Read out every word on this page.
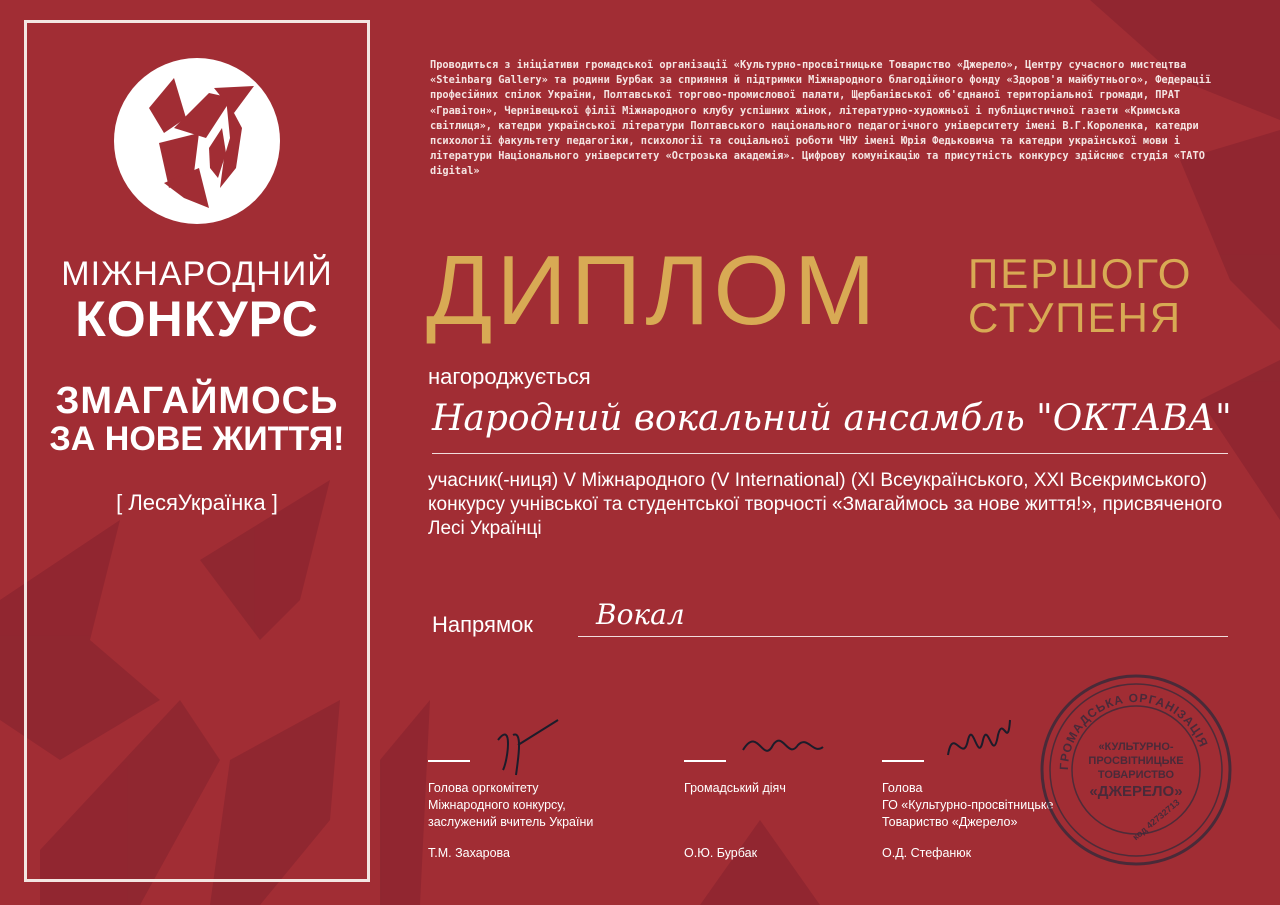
МІЖНАРОДНИЙ
КОНКУРС
ЗМАГАЙМОСЬ
ЗА НОВЕ ЖИТТЯ!
[ ЛесяУкраїнка ]

Проводиться з ініціативи громадської організації «Культурно-просвітницьке Товариство «Джерело», Центру сучасного мистецтва «Steinbarg Gallery» та родини Бурбак за сприяння й підтримки Міжнародного благодійного фонду «Здоров'я майбутнього», Федерації професійних спілок України, Полтавської торгово-промислової палати, Щербанівської об'єднаної територіальної громади, ПРАТ «Гравітон», Чернівецької філії Міжнародного клубу успішних жінок, літературно-художньої і публіцистичної газети «Кримська світлиця», катедри української літератури Полтавського національного педагогічного університету імені В.Г.Короленка, катедри психології факультету педагогіки, психології та соціальної роботи ЧНУ імені Юрія Федьковича та катедри української мови і літератури Національного університету «Острозька академія». Цифрову комунікацію та присутність конкурсу здійснює студія «TATO digital»

ДИПЛОМ ПЕРШОГО
СТУПЕНЯ
нагороджується
Народний вокальний ансамбль "ОКТАВА"
учасник(-ниця) V Міжнародного (V International) (ХІ Всеукраїнського, ХХІ Всекримського) конкурсу учнівської та студентської творчості «Змагаймось за нове життя!», присвяченого Лесі Українці
Напрямок Вокал
Голова оргкомітету
Міжнародного конкурсу,
заслужений вчитель України
Т.М. Захарова
Громадський діяч
О.Ю. Бурбак
Голова
ГО «Культурно-просвітницьке
Товариство «Джерело»
О.Д. Стефанюк
ГРОМАДСЬКА ОРГАНІЗАЦІЯ
«КУЛЬТУРНО-
ПРОСВІТНИЦЬКЕ
ТОВАРИСТВО
«ДЖЕРЕЛО»
код 42732713
